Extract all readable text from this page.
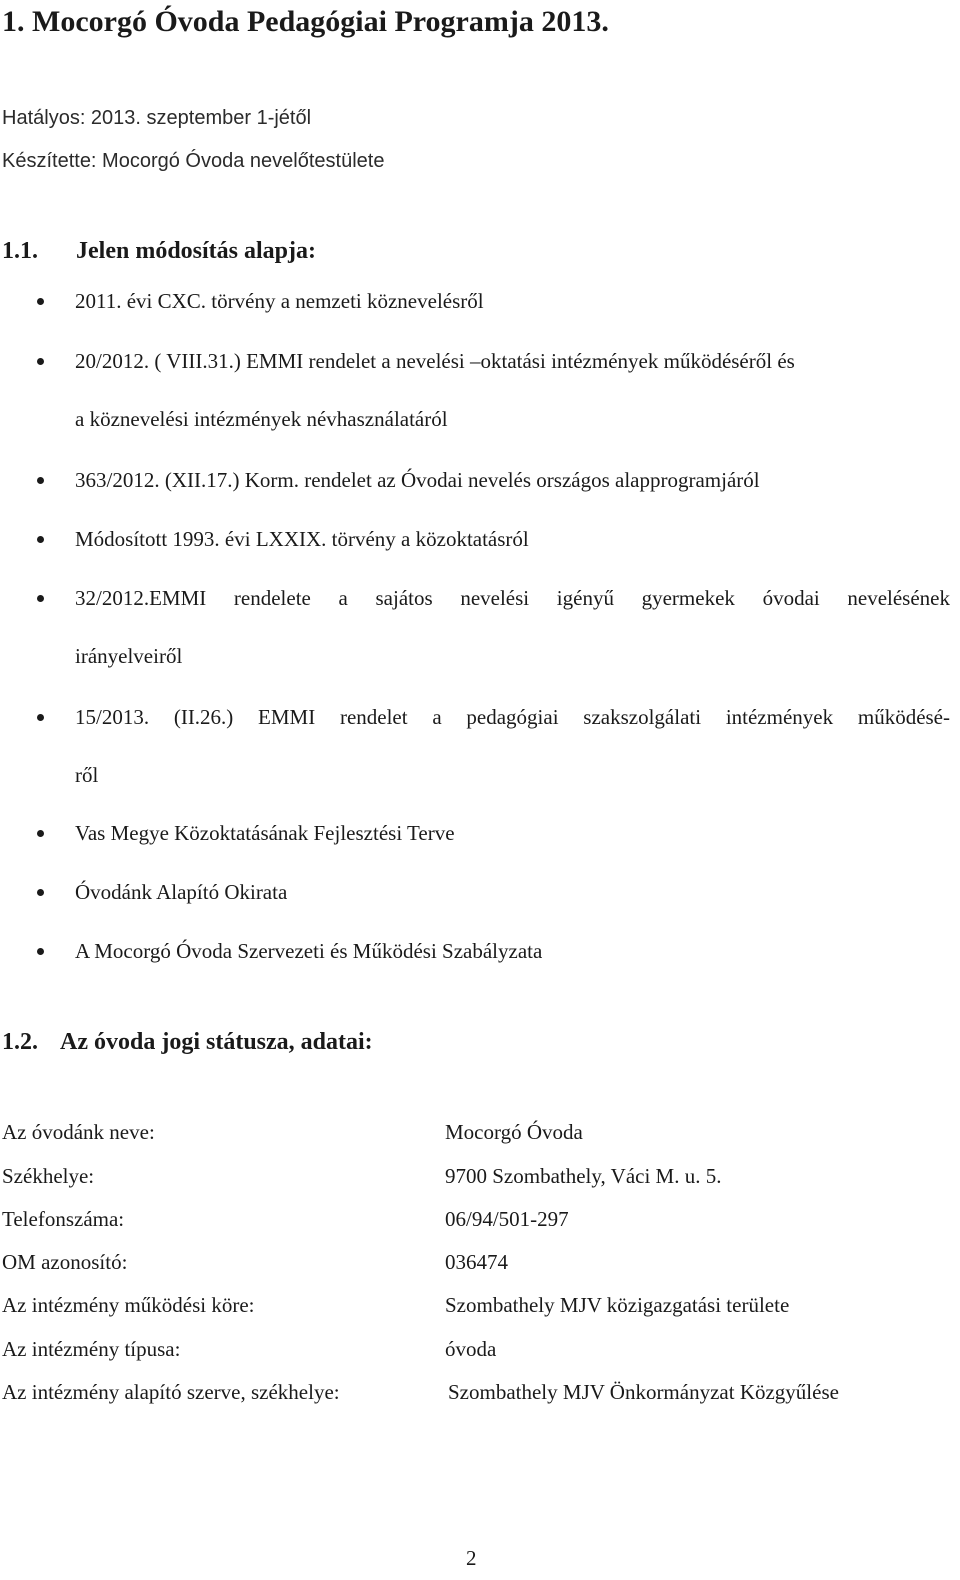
1. Mocorgó Óvoda Pedagógiai Programja 2013.
Hatályos: 2013. szeptember 1-jétől
Készítette: Mocorgó Óvoda nevelőtestülete
1.1. Jelen módosítás alapja:
2011. évi CXC. törvény a nemzeti köznevelésről
20/2012. ( VIII.31.) EMMI rendelet a nevelési –oktatási intézmények működéséről és
a köznevelési intézmények névhasználatáról
363/2012. (XII.17.) Korm. rendelet az Óvodai nevelés országos alapprogramjáról
Módosított 1993. évi LXXIX. törvény a közoktatásról
32/2012.EMMI rendelete a sajátos nevelési igényű gyermekek óvodai nevelésének
irányelveiről
15/2013. (II.26.) EMMI rendelet a pedagógiai szakszolgálati intézmények működésé-
ről
Vas Megye Közoktatásának Fejlesztési Terve
Óvodánk Alapító Okirata
A Mocorgó Óvoda Szervezeti és Működési Szabályzata
1.2. Az óvoda jogi státusza, adatai:
Az óvodánk neve:	Mocorgó Óvoda
Székhelye:	9700 Szombathely, Váci M. u. 5.
Telefonszáma:	06/94/501-297
OM azonosító:	036474
Az intézmény működési köre:	Szombathely MJV közigazgatási területe
Az intézmény típusa:	óvoda
Az intézmény alapító szerve, székhelye:	Szombathely MJV Önkormányzat Közgyűlése
2
